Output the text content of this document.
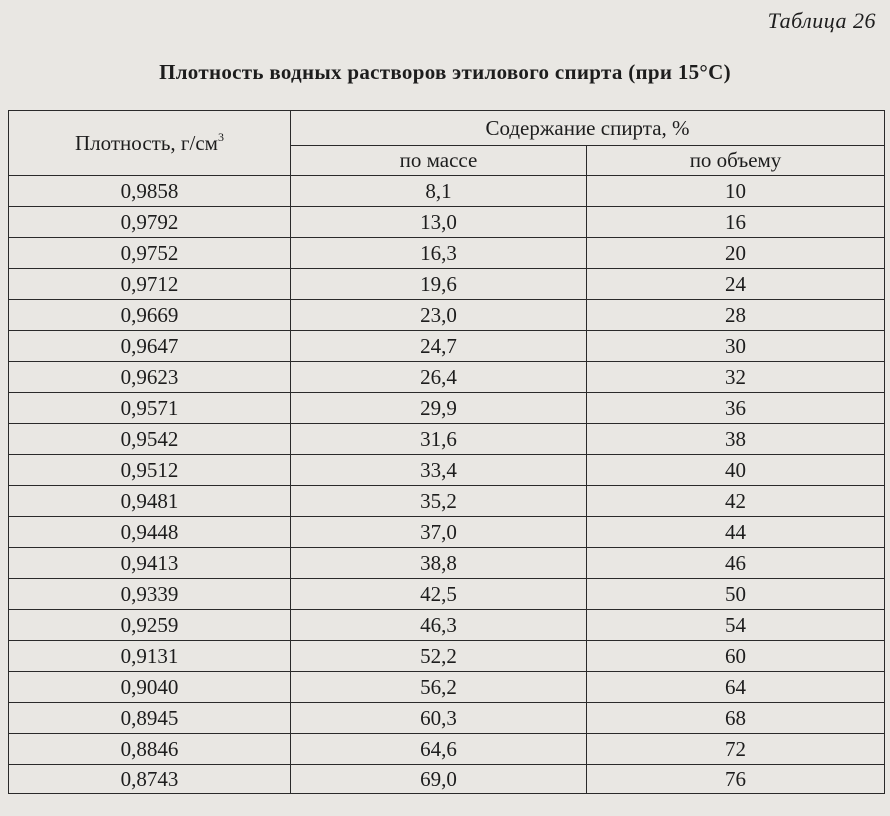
Таблица 26
Плотность водных растворов этилового спирта (при 15°С)
Плотность, $г/см^3$	Содержание спирта, %	
	по массе	по объему
0,9858	8,1	10
0,9792	13,0	16
0,9752	16,3	20
0,9712	19,6	24
0,9669	23,0	28
0,9647	24,7	30
0,9623	26,4	32
0,9571	29,9	36
0,9542	31,6	38
0,9512	33,4	40
0,9481	35,2	42
0,9448	37,0	44
0,9413	38,8	46
0,9339	42,5	50
0,9259	46,3	54
0,9131	52,2	60
0,9040	56,2	64
0,8945	60,3	68
0,8846	64,6	72
0,8743	69,0	76
